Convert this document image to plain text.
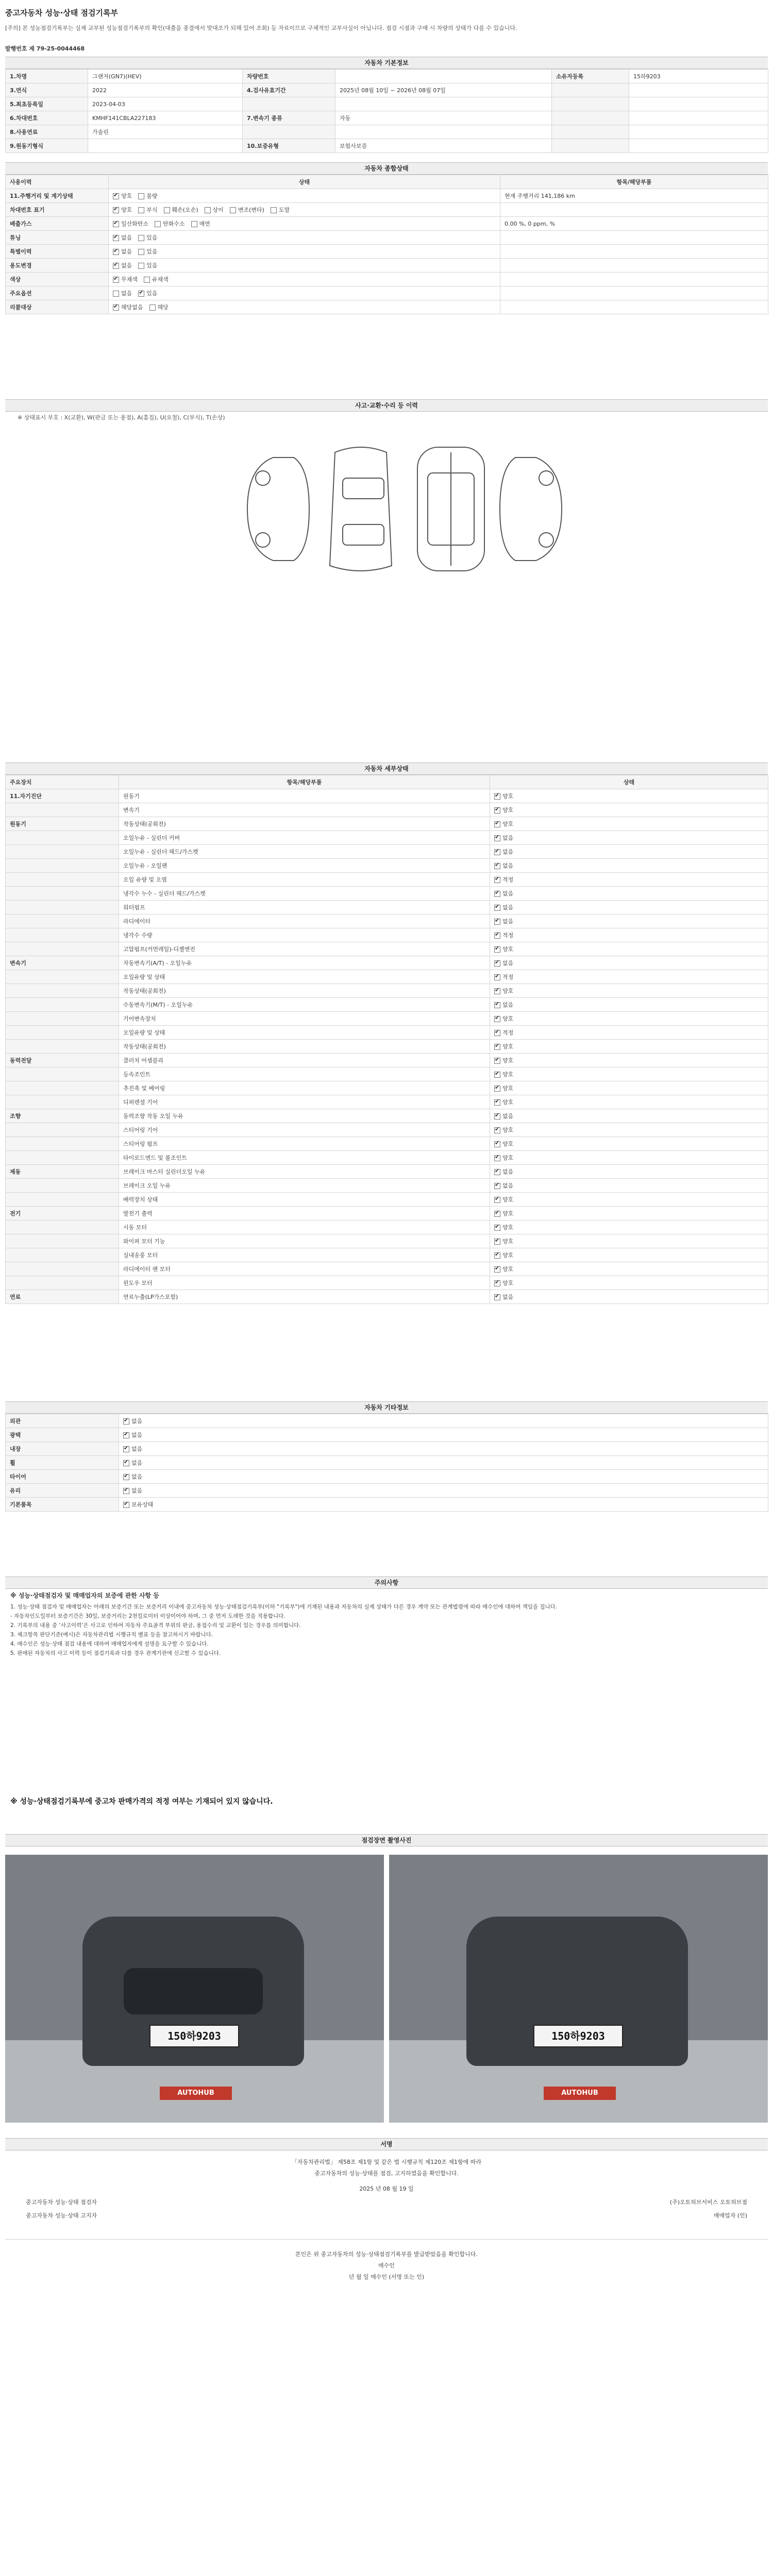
중고자동차 성능·상태 점검기록부
[주의] 본 성능점검기록부는 실제 교부된 성능점검기록부의 확인(대출을 종결에서 맞대조가 되해 있어 조회) 등 자료이므로 구체적인 교부사실이 아닙니다. 점검 시점과 구매 시 차량의 상태가 다를 수 있습니다.
발행번호 제 79-25-0044468
자동차 기본정보
1.차명	그랜저(GN7)(HEV)	차량번호		소유자등록	15하9203
3.연식	2022	4.검사유효기간	2025년 08월 10일 ~ 2026년 08월 07일		
5.최초등록일	2023-04-03				
6.차대번호	KMHF141CBLA227183	7.변속기 종류	자동		
8.사용연료	가솔린				
9.원동기형식		10.보증유형	보험사보증		
자동차 종합상태
사용이력	상태	항목/해당부품
11.주행거리 및 계기상태	✔양호 불량	현재 주행거리 141,186 km
차대번호 표기	✔양호 부식 훼손(오손) 상이 변조(변타) 도말	
배출가스	✔일산화탄소 탄화수소 매연	0.00 %, 0 ppm, %
튜닝	✔없음 있음	
특별이력	✔없음 있음	
용도변경	✔없음 있음	
색상	✔무채색 유채색	
주요옵션	없음 ✔ 있음	
리콜대상	✔해당없음 해당	
사고·교환·수리 등 이력
※ 상태표시 부호 : X(교환), W(판금 또는 용접), A(흠집), U(요철), C(부식), T(손상)
자동차 세부상태
주요장치	항목/해당부품	상태
11.자기진단	원동기	✔양호
	변속기	✔양호
원동기	작동상태(공회전)	✔양호
	오일누유 - 실린더 커버	✔없음
	오일누유 - 실린더 헤드/가스켓	✔없음
	오일누유 - 오일팬	✔없음
	오일 유량 및 오염	✔적정
	냉각수 누수 - 실린더 헤드/가스켓	✔없음
	워터펌프	✔없음
	라디에이터	✔없음
	냉각수 수량	✔적정
	고압펌프(커먼레일)-디젤엔진	✔양호
변속기	자동변속기(A/T) - 오일누유	✔없음
	오일유량 및 상태	✔적정
	작동상태(공회전)	✔양호
	수동변속기(M/T) - 오일누유	✔없음
	기어변속장치	✔양호
	오일유량 및 상태	✔적정
	작동상태(공회전)	✔양호
동력전달	클러치 어셈블리	✔양호
	등속조인트	✔양호
	추진축 및 베어링	✔양호
	디퍼렌셜 기어	✔양호
조향	동력조향 작동 오일 누유	✔없음
	스티어링 기어	✔양호
	스티어링 펌프	✔양호
	타이로드엔드 및 볼조인트	✔양호
제동	브레이크 마스터 실린더오일 누유	✔없음
	브레이크 오일 누유	✔없음
	배력장치 상태	✔양호
전기	발전기 출력	✔양호
	시동 모터	✔양호
	와이퍼 모터 기능	✔양호
	실내송풍 모터	✔양호
	라디에이터 팬 모터	✔양호
	윈도우 모터	✔양호
연료	연료누출(LP가스포함)	✔없음
자동차 기타정보
외관	✔없음
광택	✔없음
내장	✔없음
휠	✔없음
타이어	✔없음
유리	✔없음
기본품목	✔보유상태
주의사항
※ 성능·상태점검자 및 매매업자의 보증에 관한 사항 등
1. 성능·상태 점검자 및 매매업자는 아래의 보증기간 또는 보증거리 이내에 중고자동차 성능·상태점검기록부(이하 "기록부")에 기재된 내용과 자동차의 실제 상태가 다른 경우 계약 또는 관계법령에 따라 매수인에 대하여 책임을 집니다.
- 자동차인도일부터 보증기간은 30일, 보증거리는 2천킬로미터 이상이어야 하며, 그 중 먼저 도래한 것을 적용합니다.
2. 기록부의 내용 중 ‘사고이력’은 사고로 인하여 자동차 주요골격 부위의 판금, 용접수리 및 교환이 있는 경우를 의미합니다.
3. 체크항목 판단기준(예시)은 자동차관리법 시행규칙 별표 등을 참고하시기 바랍니다.
4. 매수인은 성능·상태 점검 내용에 대하여 매매업자에게 설명을 요구할 수 있습니다.
5. 판매된 자동차의 사고 이력 등이 점검기록과 다를 경우 관계기관에 신고할 수 있습니다.
※ 성능·상태점검기록부에 중고차 판매가격의 적정 여부는 기재되어 있지 않습니다.
점검장면 촬영사진
150하9203
AUTOHUB
150하9203
AUTOHUB
서명

「자동차관리법」 제58조 제1항 및 같은 법 시행규칙 제120조 제1항에 따라

중고자동차의 성능·상태를 점검, 고지하였음을 확인합니다.

2025 년 08 월 19 일

중고자동차 성능·상태 점검자	(주)오토허브서비스 오토허브점
중고자동차 성능·상태 고지자	매매업자 (인)

본인은 위 중고자동차의 성능·상태점검기록부를 발급받았음을 확인합니다.

매수인

년 월 일 매수인 (서명 또는 인)
